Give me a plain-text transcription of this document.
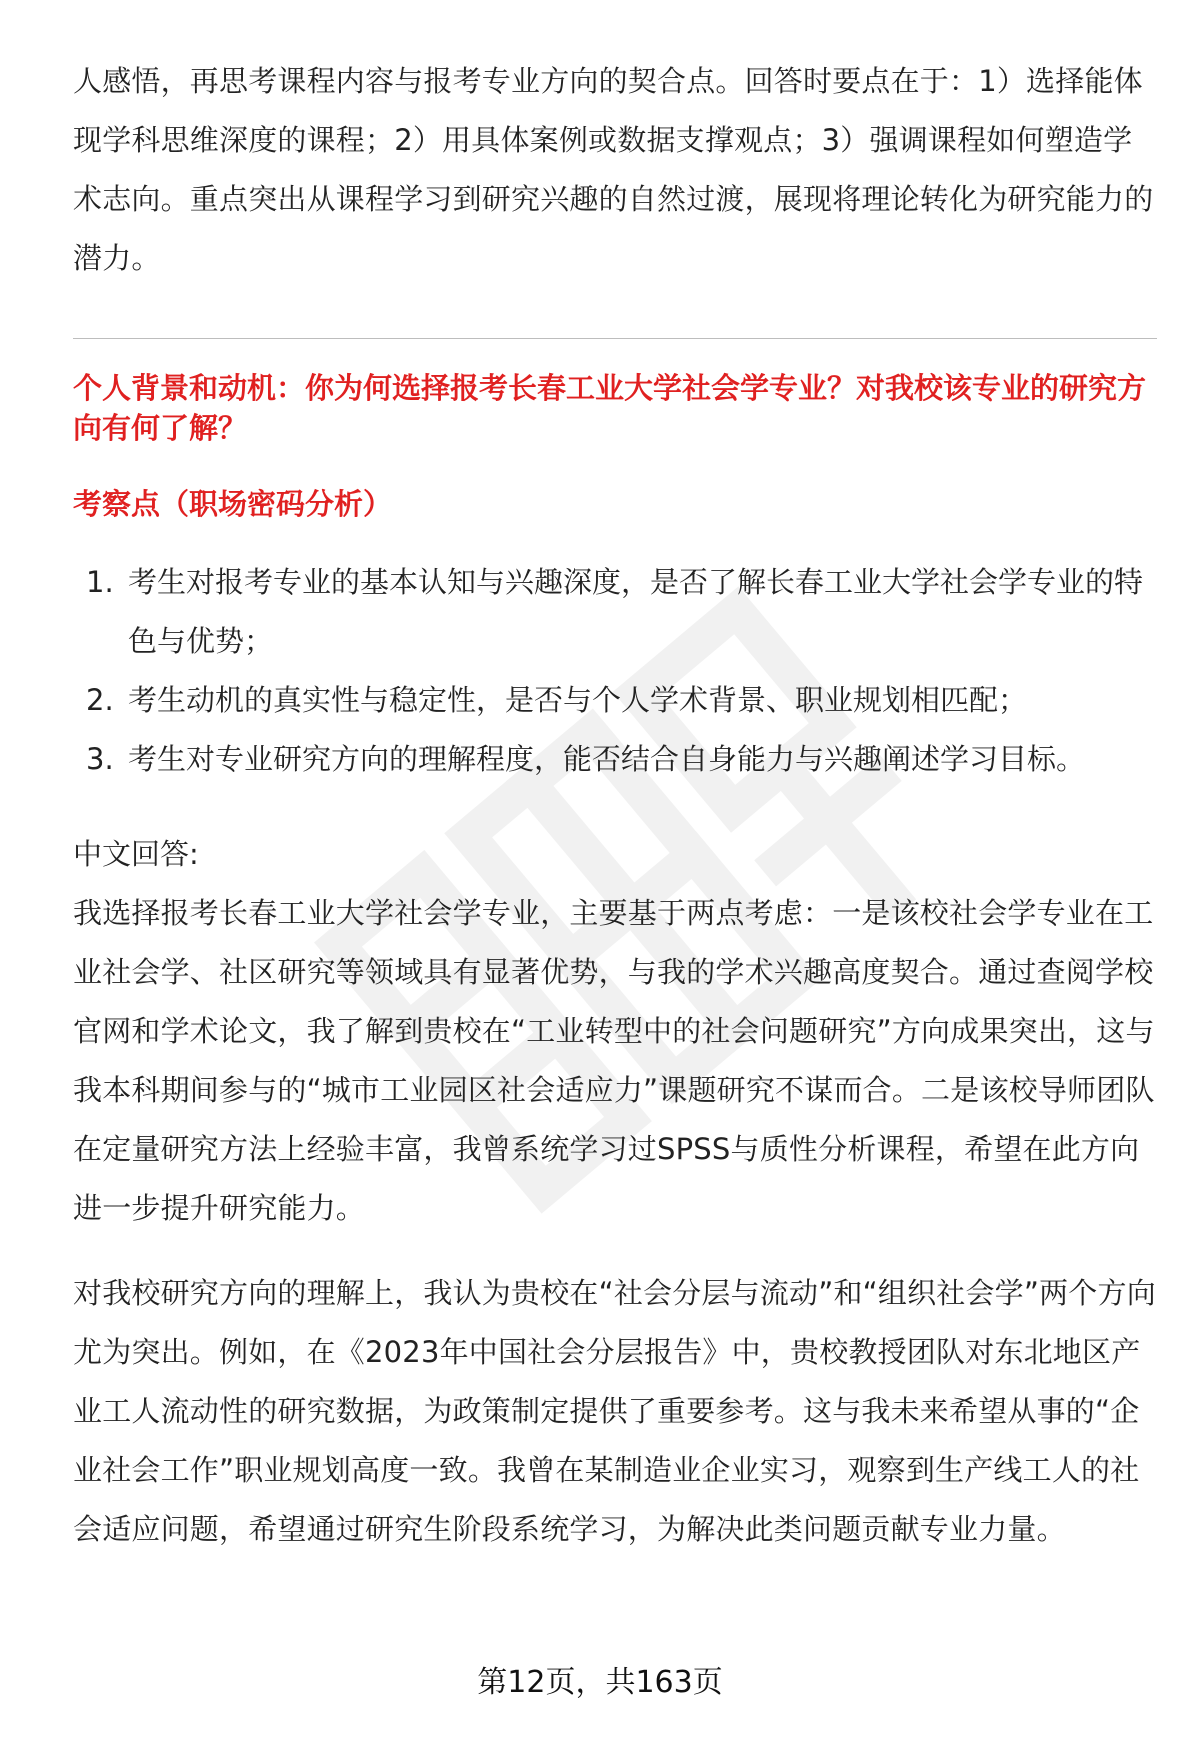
人感悟，再思考课程内容与报考专业方向的契合点。回答时要点在于：1）选择能体现学科思维深度的课程；2）用具体案例或数据支撑观点；3）强调课程如何塑造学术志向。重点突出从课程学习到研究兴趣的自然过渡，展现将理论转化为研究能力的潜力。

个人背景和动机：你为何选择报考长春工业大学社会学专业？对我校该专业的研究方向有何了解？

考察点（职场密码分析）

1. 考生对报考专业的基本认知与兴趣深度，是否了解长春工业大学社会学专业的特色与优势；
2. 考生动机的真实性与稳定性，是否与个人学术背景、职业规划相匹配；
3. 考生对专业研究方向的理解程度，能否结合自身能力与兴趣阐述学习目标。

中文回答:

我选择报考长春工业大学社会学专业，主要基于两点考虑：一是该校社会学专业在工业社会学、社区研究等领域具有显著优势，与我的学术兴趣高度契合。通过查阅学校官网和学术论文，我了解到贵校在“工业转型中的社会问题研究”方向成果突出，这与我本科期间参与的“城市工业园区社会适应力”课题研究不谋而合。二是该校导师团队在定量研究方法上经验丰富，我曾系统学习过SPSS与质性分析课程，希望在此方向进一步提升研究能力。

对我校研究方向的理解上，我认为贵校在“社会分层与流动”和“组织社会学”两个方向尤为突出。例如，在《2023年中国社会分层报告》中，贵校教授团队对东北地区产业工人流动性的研究数据，为政策制定提供了重要参考。这与我未来希望从事的“企业社会工作”职业规划高度一致。我曾在某制造业企业实习，观察到生产线工人的社会适应问题，希望通过研究生阶段系统学习，为解决此类问题贡献专业力量。

第12页，共163页
